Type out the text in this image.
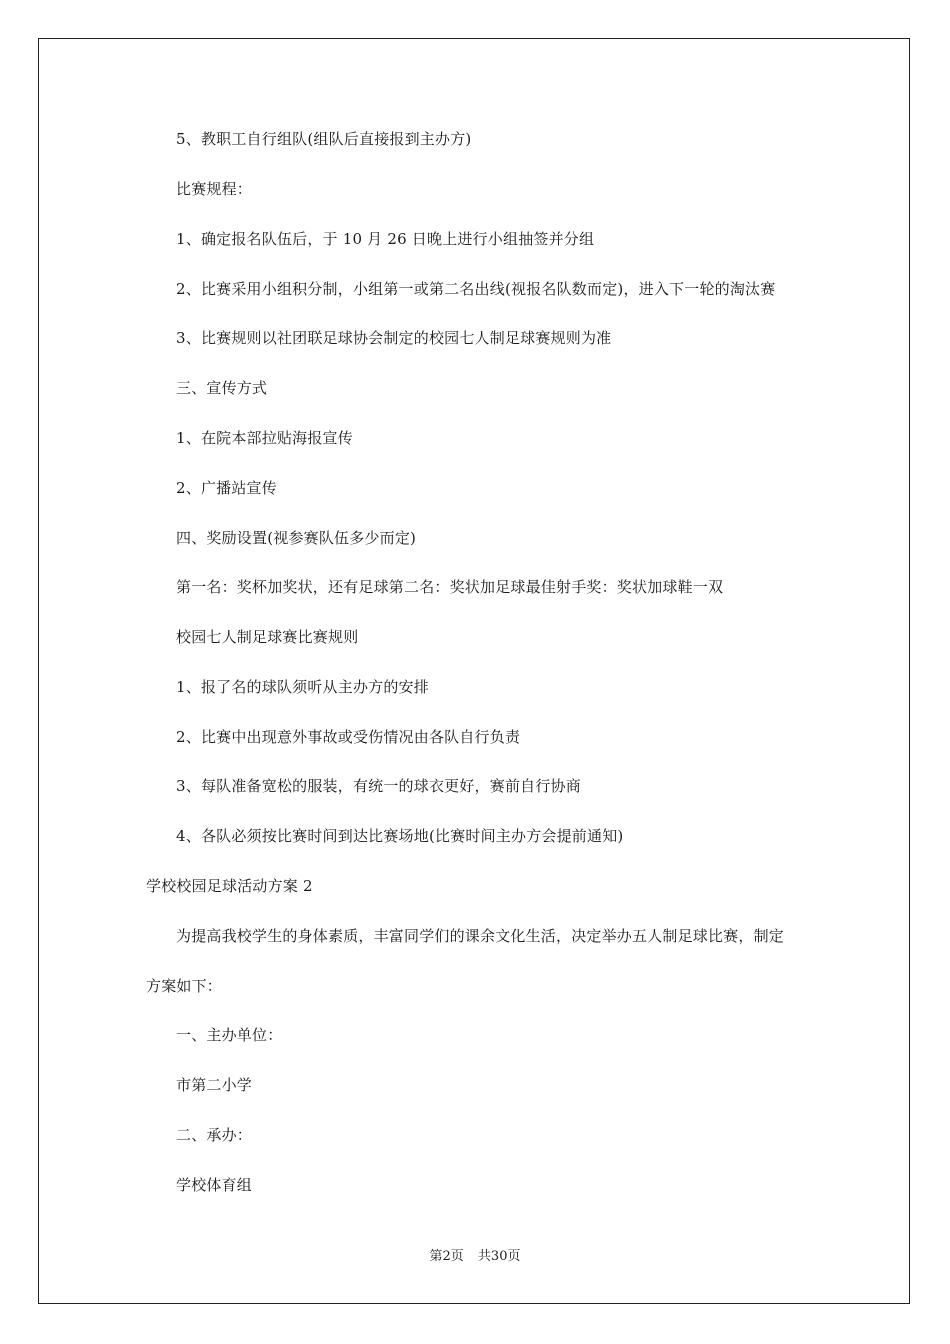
5、教职工自行组队(组队后直接报到主办方)
比赛规程：
1、确定报名队伍后，于 10 月 26 日晚上进行小组抽签并分组
2、比赛采用小组积分制，小组第一或第二名出线(视报名队数而定)，进入下一轮的淘汰赛
3、比赛规则以社团联足球协会制定的校园七人制足球赛规则为准
三、宣传方式
1、在院本部拉贴海报宣传
2、广播站宣传
四、奖励设置(视参赛队伍多少而定)
第一名：奖杯加奖状，还有足球第二名：奖状加足球最佳射手奖：奖状加球鞋一双
校园七人制足球赛比赛规则
1、报了名的球队须听从主办方的安排
2、比赛中出现意外事故或受伤情况由各队自行负责
3、每队准备宽松的服装，有统一的球衣更好，赛前自行协商
4、各队必须按比赛时间到达比赛场地(比赛时间主办方会提前通知)
学校校园足球活动方案 2
为提高我校学生的身体素质，丰富同学们的课余文化生活，决定举办五人制足球比赛，制定
方案如下：
一、主办单位：
市第二小学
二、承办：
学校体育组
第2页 共30页
